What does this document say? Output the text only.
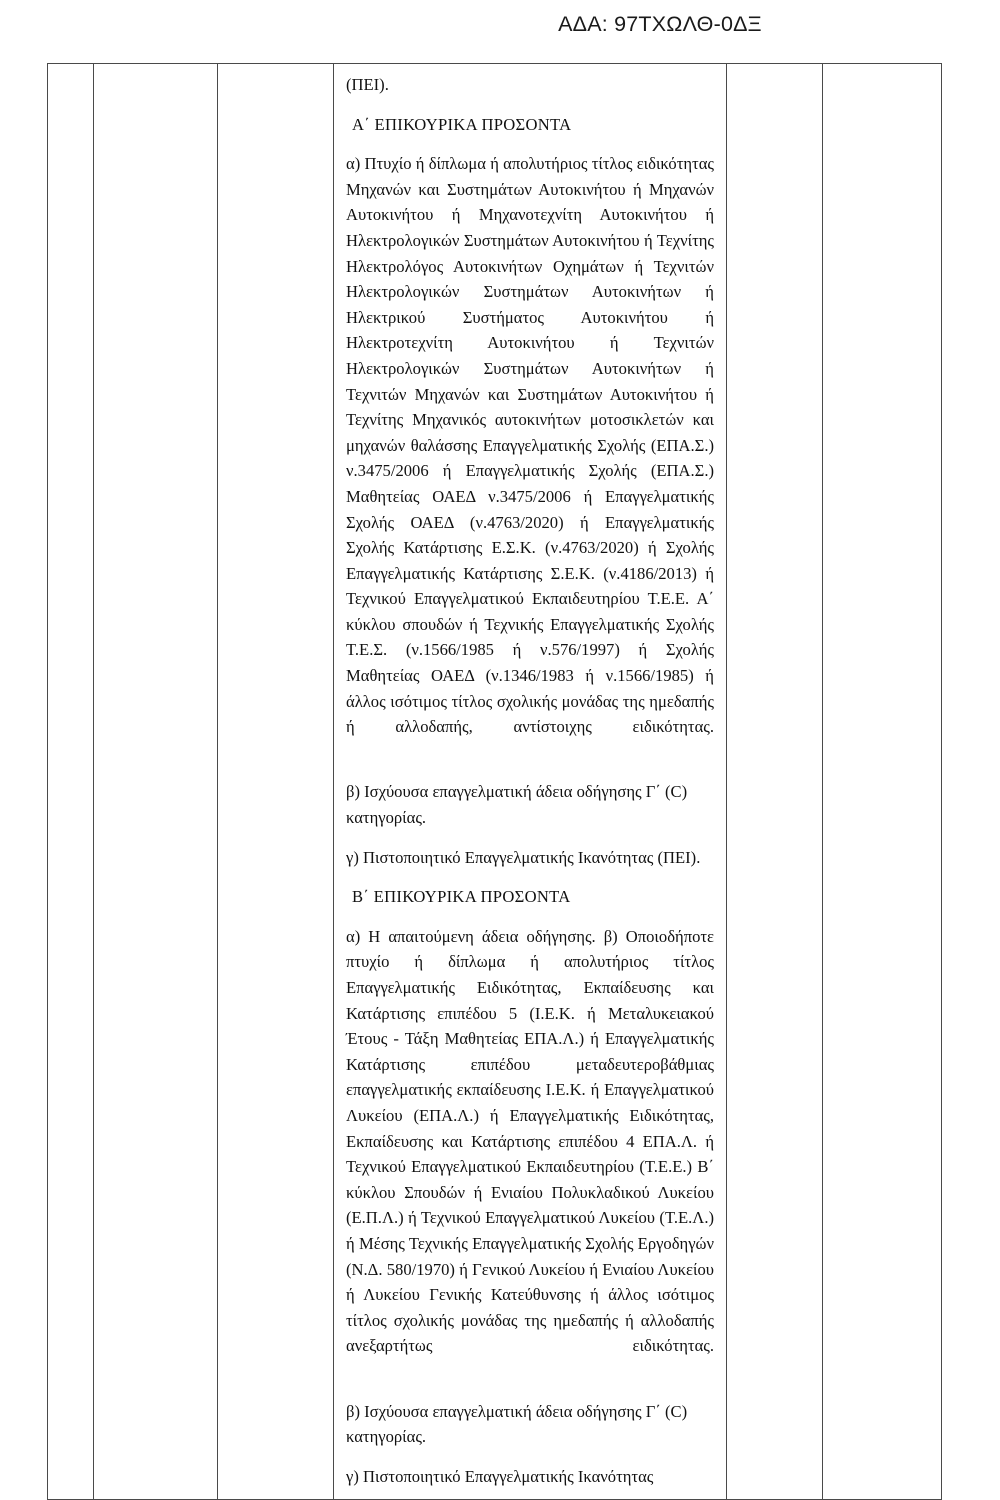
ΑΔΑ: 97ΤΧΩΛΘ-0ΔΞ

(ΠΕΙ).

Α΄ ΕΠΙΚΟΥΡΙΚΑ ΠΡΟΣΟΝΤΑ

α) Πτυχίο ή δίπλωμα ή απολυτήριος τίτλος ειδικότητας Μηχανών και Συστημάτων Αυτοκινήτου ή Μηχανών Αυτοκινήτου ή Μηχανοτεχνίτη Αυτοκινήτου ή Ηλεκτρολογικών Συστημάτων Αυτοκινήτου ή Τεχνίτης Ηλεκτρολόγος Αυτοκινήτων Οχημάτων ή Τεχνιτών Ηλεκτρολογικών Συστημάτων Αυτοκινήτων ή Ηλεκτρικού Συστήματος Αυτοκινήτου ή Ηλεκτροτεχνίτη Αυτοκινήτου ή Τεχνιτών Ηλεκτρολογικών Συστημάτων Αυτοκινήτων ή Τεχνιτών Μηχανών και Συστημάτων Αυτοκινήτου ή Τεχνίτης Μηχανικός αυτοκινήτων μοτοσικλετών και μηχανών θαλάσσης Επαγγελματικής Σχολής (ΕΠΑ.Σ.) ν.3475/2006 ή Επαγγελματικής Σχολής (ΕΠΑ.Σ.) Μαθητείας ΟΑΕΔ ν.3475/2006 ή Επαγγελματικής Σχολής ΟΑΕΔ (ν.4763/2020) ή Επαγγελματικής Σχολής Κατάρτισης Ε.Σ.Κ. (ν.4763/2020) ή Σχολής Επαγγελματικής Κατάρτισης Σ.Ε.Κ. (ν.4186/2013) ή Τεχνικού Επαγγελματικού Εκπαιδευτηρίου Τ.Ε.Ε. Α΄ κύκλου σπουδών ή Τεχνικής Επαγγελματικής Σχολής Τ.Ε.Σ. (ν.1566/1985 ή ν.576/1997) ή Σχολής Μαθητείας ΟΑΕΔ (ν.1346/1983 ή ν.1566/1985) ή άλλος ισότιμος τίτλος σχολικής μονάδας της ημεδαπής ή αλλοδαπής, αντίστοιχης ειδικότητας.

β) Ισχύουσα επαγγελματική άδεια οδήγησης Γ΄ (C) κατηγορίας.

γ) Πιστοποιητικό Επαγγελματικής Ικανότητας (ΠΕΙ).

Β΄ ΕΠΙΚΟΥΡΙΚΑ ΠΡΟΣΟΝΤΑ

α) Η απαιτούμενη άδεια οδήγησης. β) Οποιοδήποτε πτυχίο ή δίπλωμα ή απολυτήριος τίτλος Επαγγελματικής Ειδικότητας, Εκπαίδευσης και Κατάρτισης επιπέδου 5 (Ι.Ε.Κ. ή Μεταλυκειακού Έτους - Τάξη Μαθητείας ΕΠΑ.Λ.) ή Επαγγελματικής Κατάρτισης επιπέδου μεταδευτεροβάθμιας επαγγελματικής εκπαίδευσης Ι.Ε.Κ. ή Επαγγελματικού Λυκείου (ΕΠΑ.Λ.) ή Επαγγελματικής Ειδικότητας, Εκπαίδευσης και Κατάρτισης επιπέδου 4 ΕΠΑ.Λ. ή Τεχνικού Επαγγελματικού Εκπαιδευτηρίου (Τ.Ε.Ε.) Β΄ κύκλου Σπουδών ή Ενιαίου Πολυκλαδικού Λυκείου (Ε.Π.Λ.) ή Τεχνικού Επαγγελματικού Λυκείου (Τ.Ε.Λ.) ή Μέσης Τεχνικής Επαγγελματικής Σχολής Εργοδηγών (Ν.Δ. 580/1970) ή Γενικού Λυκείου ή Ενιαίου Λυκείου ή Λυκείου Γενικής Κατεύθυνσης ή άλλος ισότιμος τίτλος σχολικής μονάδας της ημεδαπής ή αλλοδαπής ανεξαρτήτως ειδικότητας.

β) Ισχύουσα επαγγελματική άδεια οδήγησης Γ΄ (C) κατηγορίας.

γ) Πιστοποιητικό Επαγγελματικής Ικανότητας
